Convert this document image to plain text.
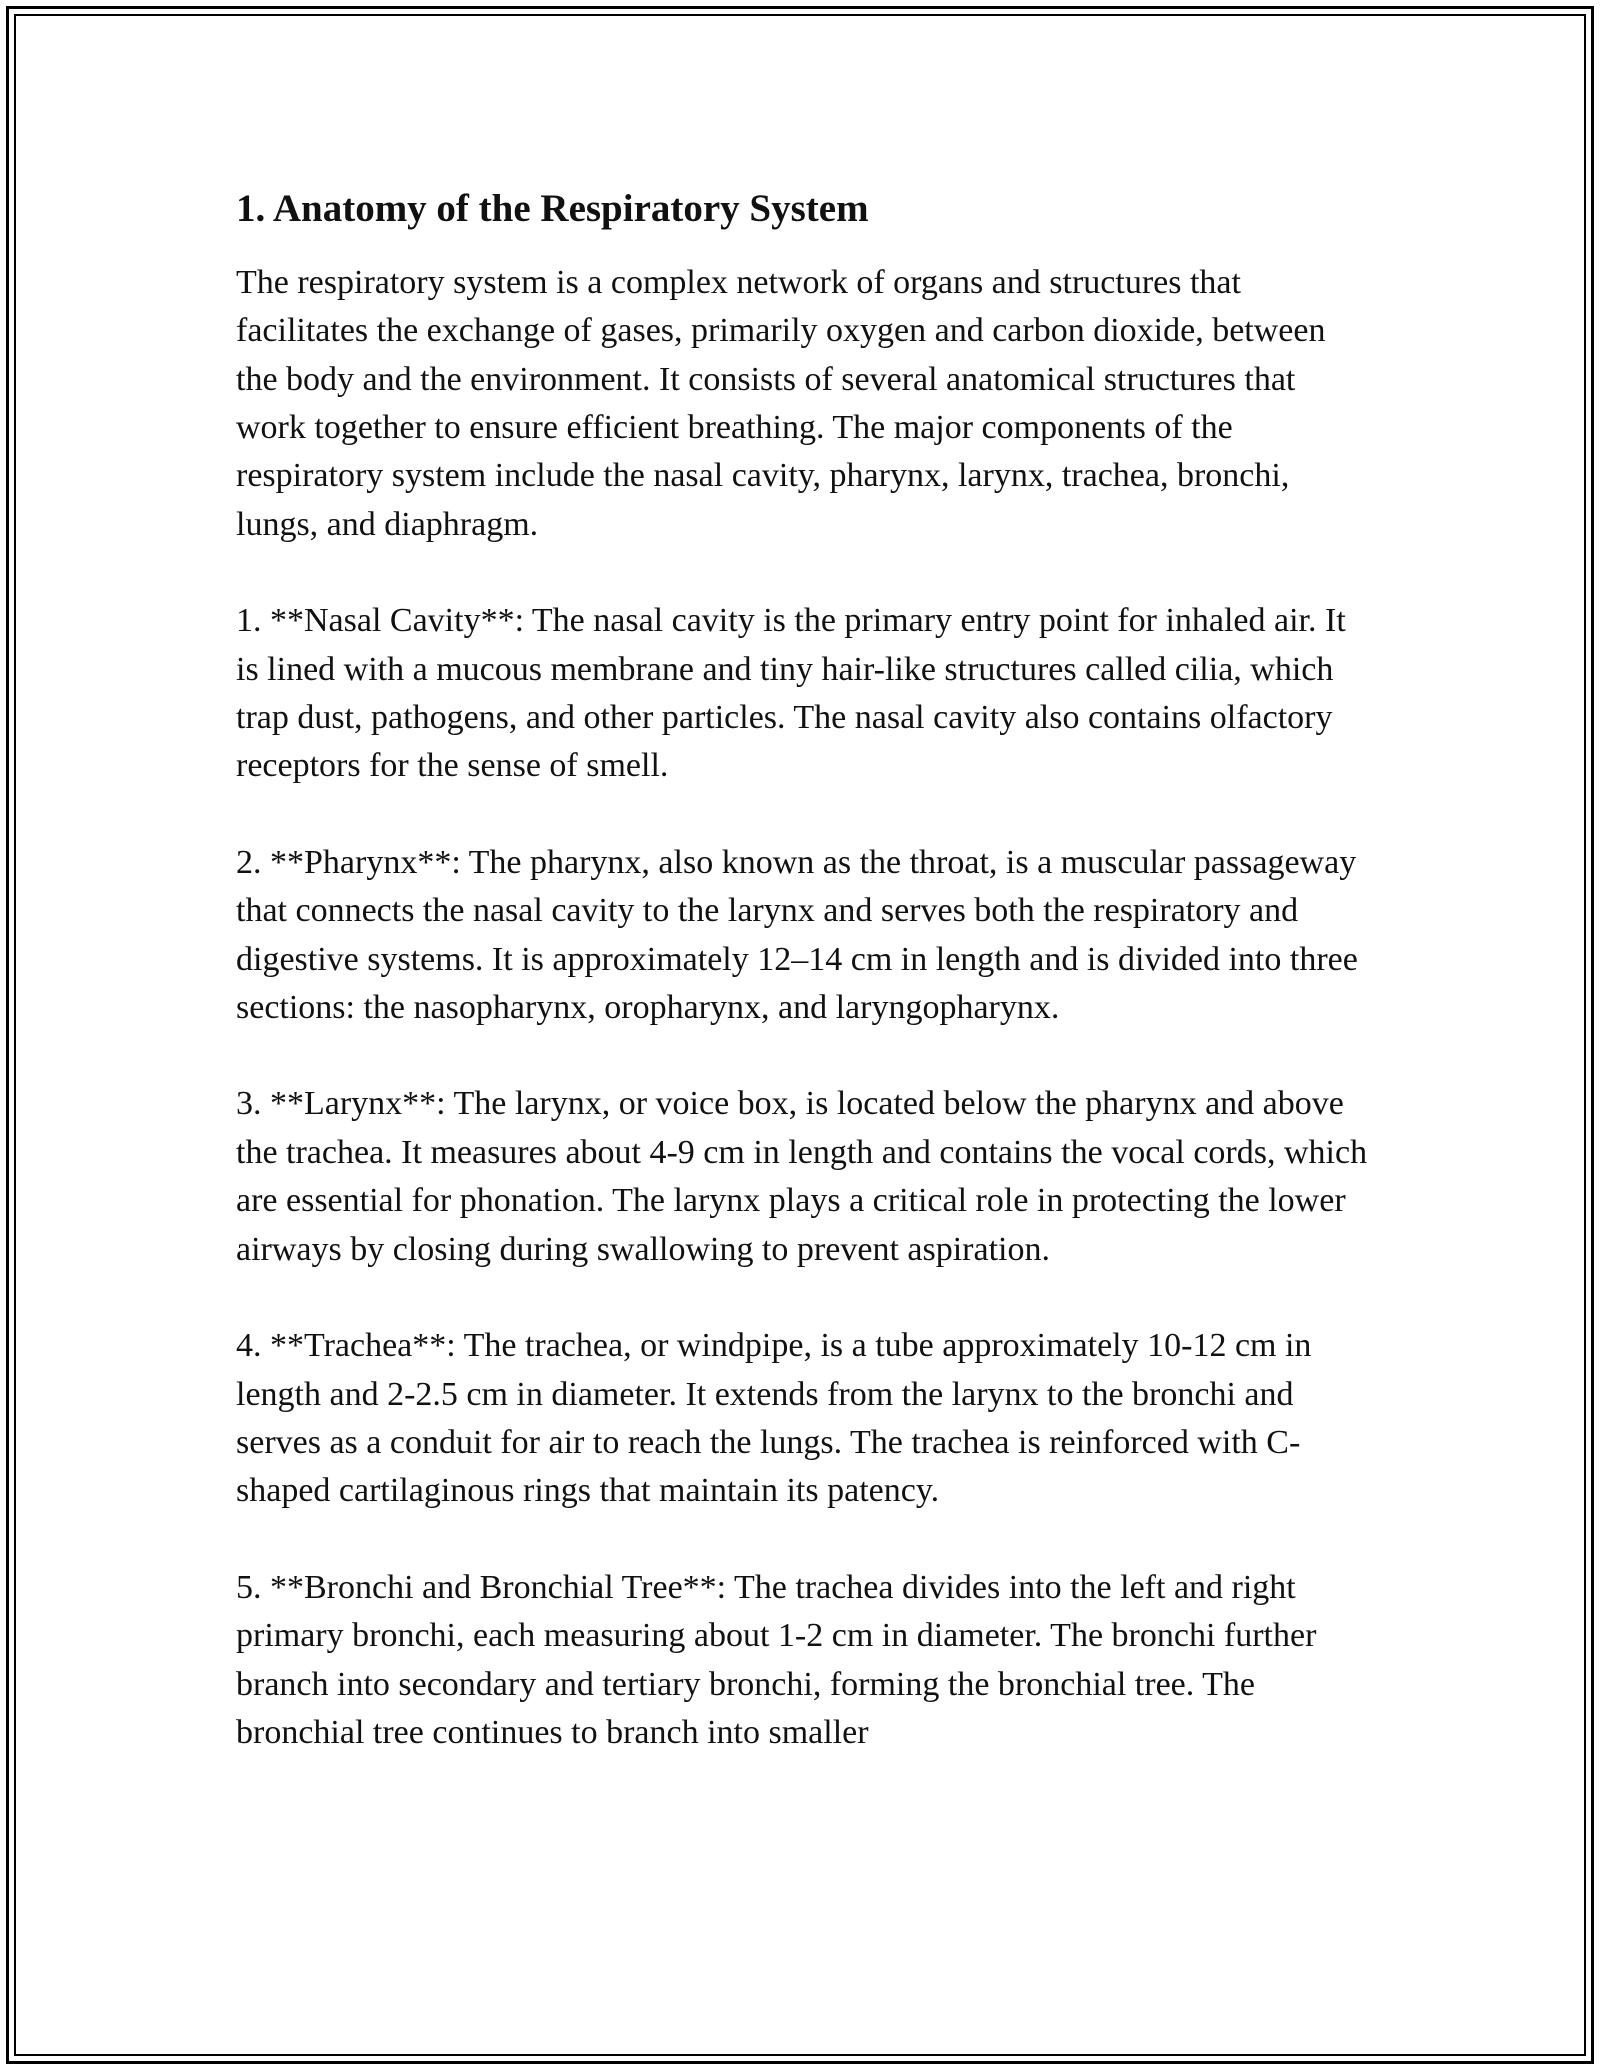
1. Anatomy of the Respiratory System

The respiratory system is a complex network of organs and structures that facilitates the exchange of gases, primarily oxygen and carbon dioxide, between the body and the environment. It consists of several anatomical structures that work together to ensure efficient breathing. The major components of the respiratory system include the nasal cavity, pharynx, larynx, trachea, bronchi, lungs, and diaphragm.

1. **Nasal Cavity**: The nasal cavity is the primary entry point for inhaled air. It is lined with a mucous membrane and tiny hair-like structures called cilia, which trap dust, pathogens, and other particles. The nasal cavity also contains olfactory receptors for the sense of smell.

2. **Pharynx**: The pharynx, also known as the throat, is a muscular passageway that connects the nasal cavity to the larynx and serves both the respiratory and digestive systems. It is approximately 12–14 cm in length and is divided into three sections: the nasopharynx, oropharynx, and laryngopharynx.

3. **Larynx**: The larynx, or voice box, is located below the pharynx and above the trachea. It measures about 4-9 cm in length and contains the vocal cords, which are essential for phonation. The larynx plays a critical role in protecting the lower airways by closing during swallowing to prevent aspiration.

4. **Trachea**: The trachea, or windpipe, is a tube approximately 10-12 cm in length and 2-2.5 cm in diameter. It extends from the larynx to the bronchi and serves as a conduit for air to reach the lungs. The trachea is reinforced with C-shaped cartilaginous rings that maintain its patency.

5. **Bronchi and Bronchial Tree**: The trachea divides into the left and right primary bronchi, each measuring about 1-2 cm in diameter. The bronchi further branch into secondary and tertiary bronchi, forming the bronchial tree. The bronchial tree continues to branch into smaller
